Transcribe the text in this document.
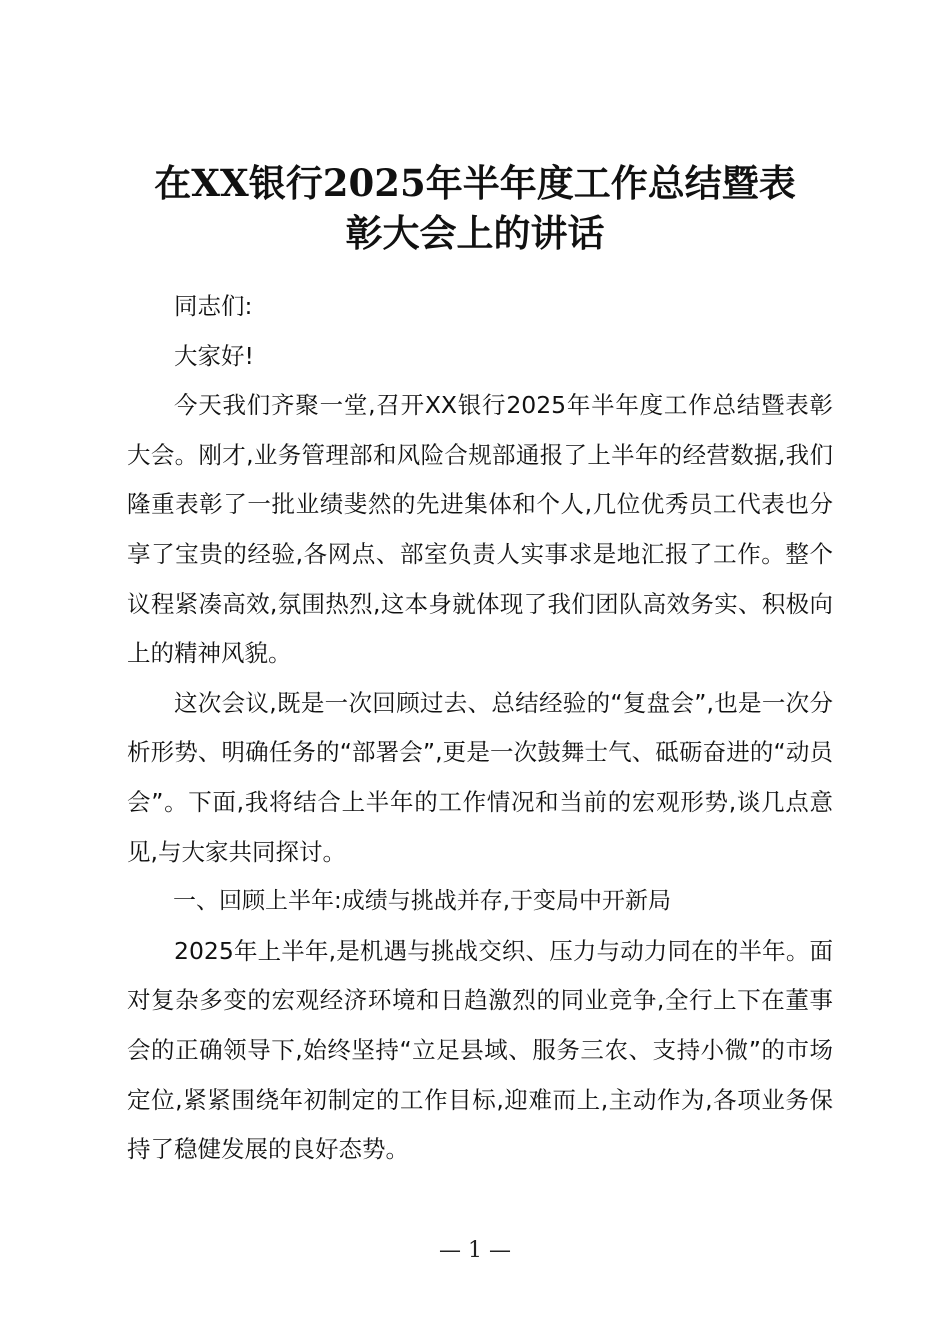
在XX银行2025年半年度工作总结暨表
彰大会上的讲话

同志们:

大家好!

今天我们齐聚一堂,召开XX银行2025年半年度工作总结暨表彰大会。刚才,业务管理部和风险合规部通报了上半年的经营数据,我们隆重表彰了一批业绩斐然的先进集体和个人,几位优秀员工代表也分享了宝贵的经验,各网点、部室负责人实事求是地汇报了工作。整个议程紧凑高效,氛围热烈,这本身就体现了我们团队高效务实、积极向上的精神风貌。

这次会议,既是一次回顾过去、总结经验的“复盘会”,也是一次分析形势、明确任务的“部署会”,更是一次鼓舞士气、砥砺奋进的“动员会”。下面,我将结合上半年的工作情况和当前的宏观形势,谈几点意见,与大家共同探讨。

一、回顾上半年:成绩与挑战并存,于变局中开新局

2025年上半年,是机遇与挑战交织、压力与动力同在的半年。面对复杂多变的宏观经济环境和日趋激烈的同业竞争,全行上下在董事会的正确领导下,始终坚持“立足县域、服务三农、支持小微”的市场定位,紧紧围绕年初制定的工作目标,迎难而上,主动作为,各项业务保持了稳健发展的良好态势。

— 1 —
